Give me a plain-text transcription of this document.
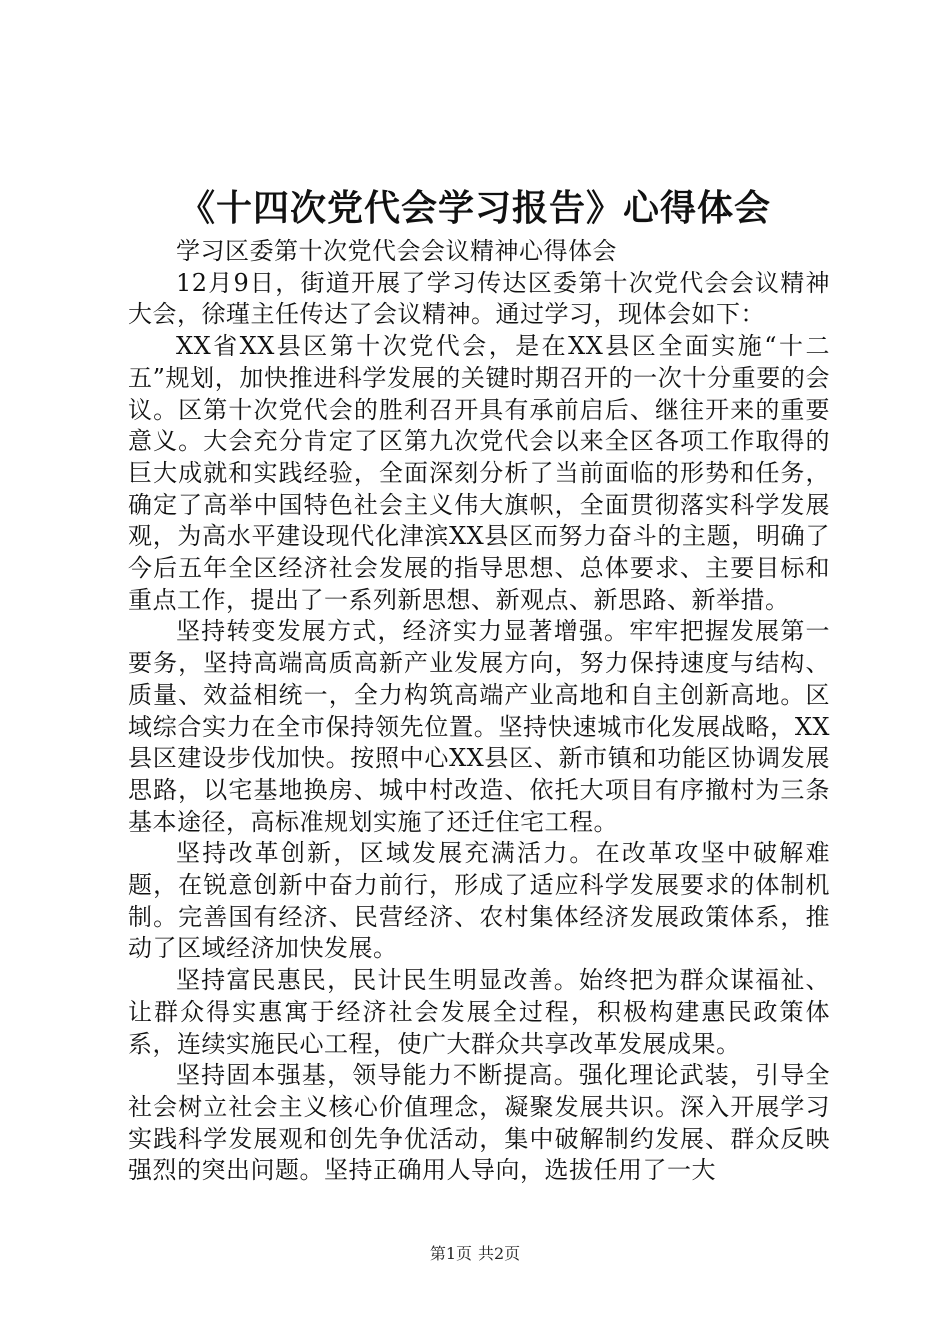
《十四次党代会学习报告》心得体会

学习区委第十次党代会会议精神心得体会

12月9日，街道开展了学习传达区委第十次党代会会议精神大会，徐瑾主任传达了会议精神。通过学习，现体会如下：

XX省XX县区第十次党代会，是在XX县区全面实施“十二五”规划，加快推进科学发展的关键时期召开的一次十分重要的会议。区第十次党代会的胜利召开具有承前启后、继往开来的重要意义。大会充分肯定了区第九次党代会以来全区各项工作取得的巨大成就和实践经验，全面深刻分析了当前面临的形势和任务，确定了高举中国特色社会主义伟大旗帜，全面贯彻落实科学发展观，为高水平建设现代化津滨XX县区而努力奋斗的主题，明确了今后五年全区经济社会发展的指导思想、总体要求、主要目标和重点工作，提出了一系列新思想、新观点、新思路、新举措。

坚持转变发展方式，经济实力显著增强。牢牢把握发展第一要务，坚持高端高质高新产业发展方向，努力保持速度与结构、质量、效益相统一，全力构筑高端产业高地和自主创新高地。区域综合实力在全市保持领先位置。坚持快速城市化发展战略，XX县区建设步伐加快。按照中心XX县区、新市镇和功能区协调发展思路，以宅基地换房、城中村改造、依托大项目有序撤村为三条基本途径，高标准规划实施了还迁住宅工程。

坚持改革创新，区域发展充满活力。在改革攻坚中破解难题，在锐意创新中奋力前行，形成了适应科学发展要求的体制机制。完善国有经济、民营经济、农村集体经济发展政策体系，推动了区域经济加快发展。

坚持富民惠民，民计民生明显改善。始终把为群众谋福祉、让群众得实惠寓于经济社会发展全过程，积极构建惠民政策体系，连续实施民心工程，使广大群众共享改革发展成果。

坚持固本强基，领导能力不断提高。强化理论武装，引导全社会树立社会主义核心价值理念，凝聚发展共识。深入开展学习实践科学发展观和创先争优活动，集中破解制约发展、群众反映强烈的突出问题。坚持正确用人导向，选拔任用了一大

第1页 共2页
